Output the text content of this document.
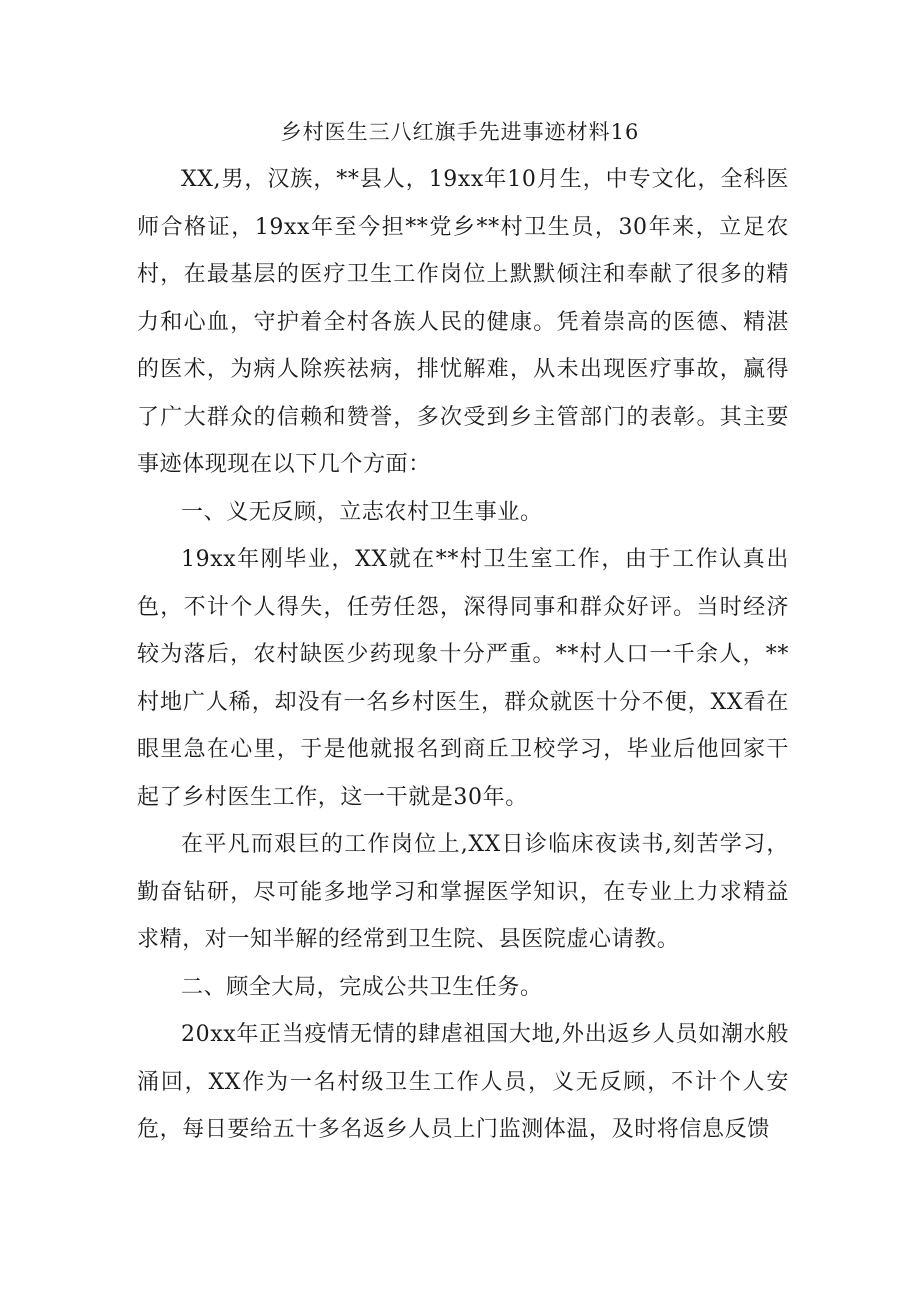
乡村医生三八红旗手先进事迹材料16

XX,男，汉族，**县人，19xx年10月生，中专文化，全科医师合格证，19xx年至今担**党乡**村卫生员，30年来，立足农村，在最基层的医疗卫生工作岗位上默默倾注和奉献了很多的精力和心血，守护着全村各族人民的健康。凭着崇高的医德、精湛的医术，为病人除疾祛病，排忧解难，从未出现医疗事故，赢得了广大群众的信赖和赞誉，多次受到乡主管部门的表彰。其主要事迹体现现在以下几个方面：

一、义无反顾，立志农村卫生事业。

19xx年刚毕业，XX就在**村卫生室工作，由于工作认真出色，不计个人得失，任劳任怨，深得同事和群众好评。当时经济较为落后，农村缺医少药现象十分严重。**村人口一千余人，**村地广人稀，却没有一名乡村医生，群众就医十分不便，XX看在眼里急在心里，于是他就报名到商丘卫校学习，毕业后他回家干起了乡村医生工作，这一干就是30年。

在平凡而艰巨的工作岗位上,XX日诊临床夜读书,刻苦学习，勤奋钻研，尽可能多地学习和掌握医学知识，在专业上力求精益求精，对一知半解的经常到卫生院、县医院虚心请教。

二、顾全大局，完成公共卫生任务。

20xx年正当疫情无情的肆虐祖国大地,外出返乡人员如潮水般涌回，XX作为一名村级卫生工作人员，义无反顾，不计个人安危，每日要给五十多名返乡人员上门监测体温，及时将信息反馈
